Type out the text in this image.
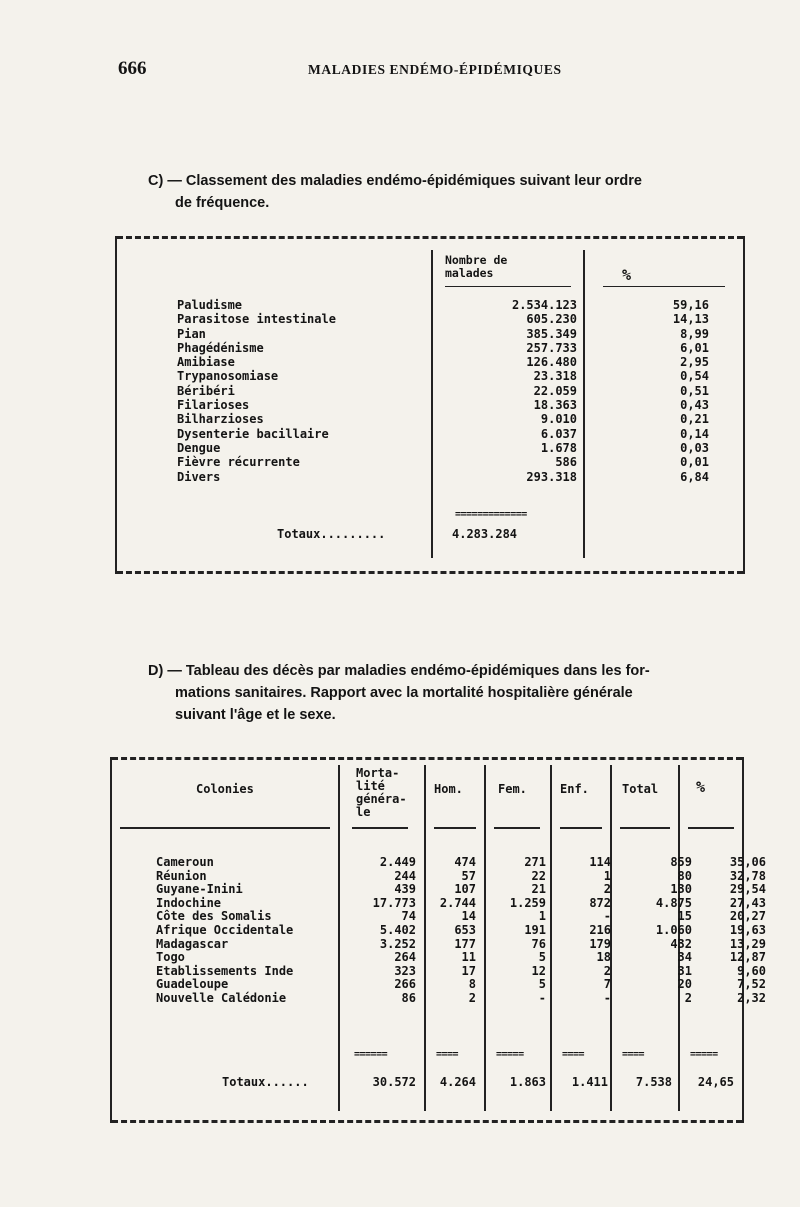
666	MALADIES ENDÉMO-ÉPIDÉMIQUES
C) — Classement des maladies endémo-épidémiques suivant leur ordre
de fréquence.
Nombre de
malades	%
Paludisme	2.534.123	59,16
Parasitose intestinale	605.230	14,13
Pian	385.349	8,99
Phagédénisme	257.733	6,01
Amibiase	126.480	2,95
Trypanosomiase	23.318	0,54
Béribéri	22.059	0,51
Filarioses	18.363	0,43
Bilharzioses	9.010	0,21
Dysenterie bacillaire	6.037	0,14
Dengue	1.678	0,03
Fièvre récurrente	586	0,01
Divers	293.318	6,84
=============
Totaux.........	4.283.284
D) — Tableau des décès par maladies endémo-épidémiques dans les for-
mations sanitaires. Rapport avec la mortalité hospitalière générale
suivant l'âge et le sexe.
Colonies
Morta-
lité
généra-
le
Hom.	Fem.	Enf.	Total	%
Cameroun	2.449	474	271	114	859	35,06
Réunion	244	57	22	1	80	32,78
Guyane-Inini	439	107	21	2	130	29,54
Indochine	17.773	2.744	1.259	872	4.875	27,43
Côte des Somalis	74	14	1	-	15	20,27
Afrique Occidentale	5.402	653	191	216	1.060	19,63
Madagascar	3.252	177	76	179	432	13,29
Togo	264	11	5	18	34	12,87
Etablissements Inde	323	17	12	2	31	9,60
Guadeloupe	266	8	5	7	20	7,52
Nouvelle Calédonie	86	2	-	-	2	2,32
======	====	=====	====	====	=====
Totaux......	30.572	4.264	1.863	1.411	7.538	24,65
